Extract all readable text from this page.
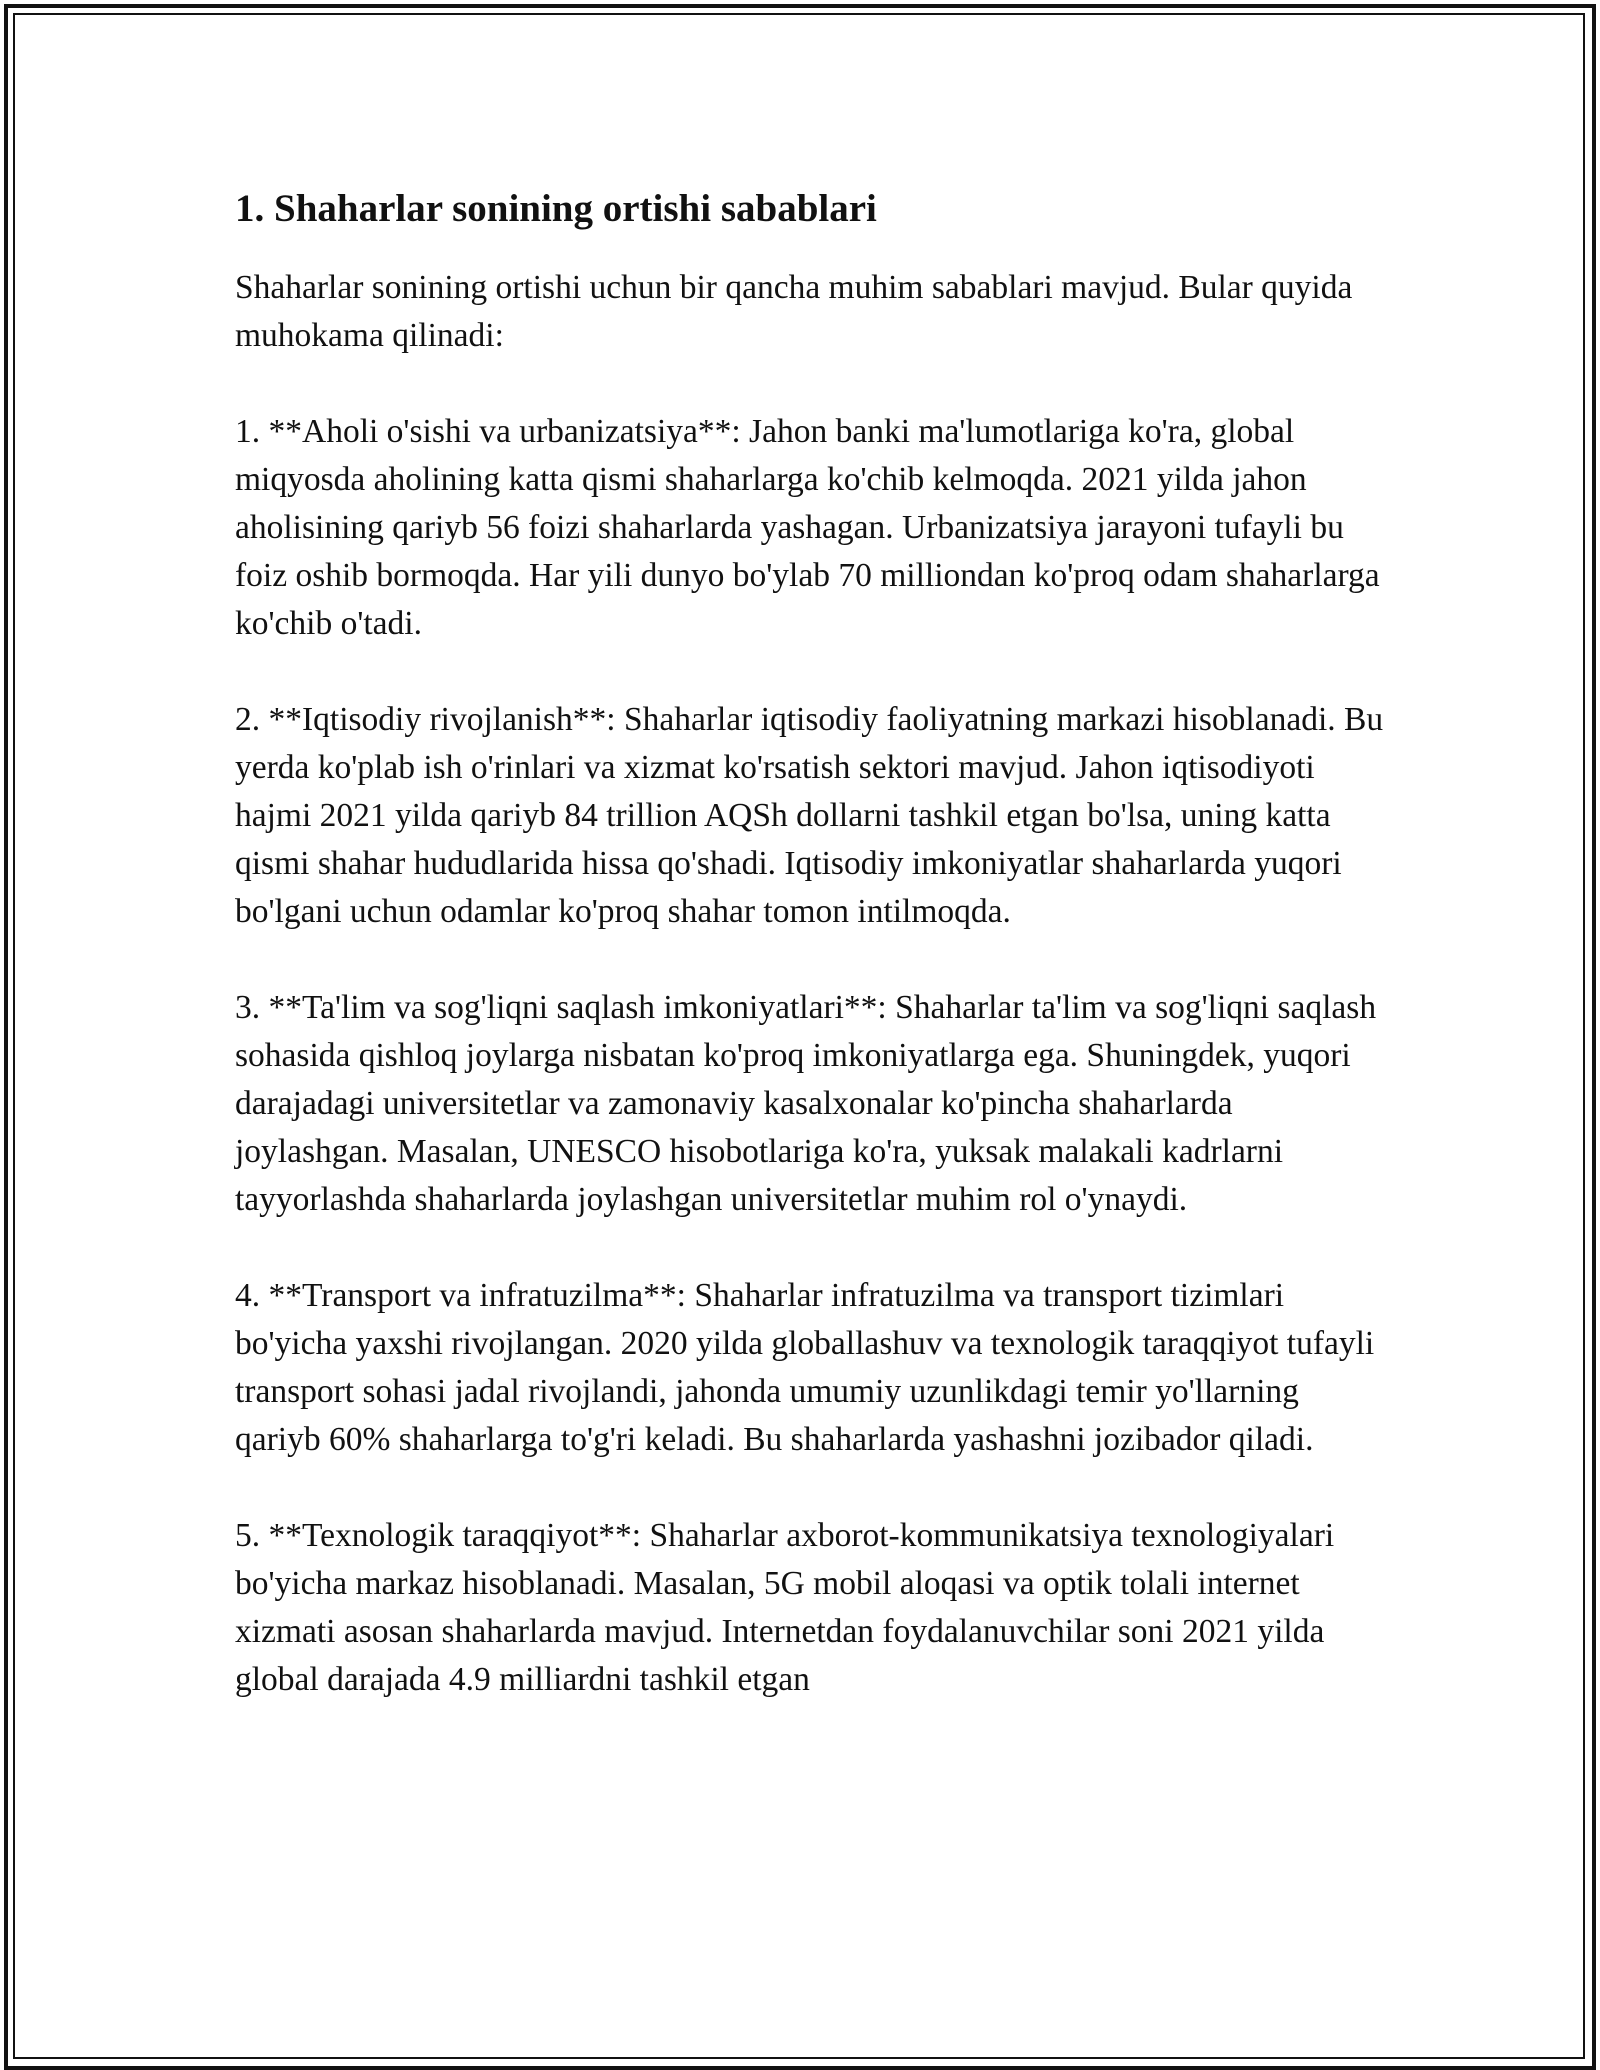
1. Shaharlar sonining ortishi sabablari

Shaharlar sonining ortishi uchun bir qancha muhim sabablari mavjud. Bular quyida muhokama qilinadi:

1. **Aholi o'sishi va urbanizatsiya**: Jahon banki ma'lumotlariga ko'ra, global miqyosda aholining katta qismi shaharlarga ko'chib kelmoqda. 2021 yilda jahon aholisining qariyb 56 foizi shaharlarda yashagan. Urbanizatsiya jarayoni tufayli bu foiz oshib bormoqda. Har yili dunyo bo'ylab 70 milliondan ko'proq odam shaharlarga ko'chib o'tadi.

2. **Iqtisodiy rivojlanish**: Shaharlar iqtisodiy faoliyatning markazi hisoblanadi. Bu yerda ko'plab ish o'rinlari va xizmat ko'rsatish sektori mavjud. Jahon iqtisodiyoti hajmi 2021 yilda qariyb 84 trillion AQSh dollarni tashkil etgan bo'lsa, uning katta qismi shahar hududlarida hissa qo'shadi. Iqtisodiy imkoniyatlar shaharlarda yuqori bo'lgani uchun odamlar ko'proq shahar tomon intilmoqda.

3. **Ta'lim va sog'liqni saqlash imkoniyatlari**: Shaharlar ta'lim va sog'liqni saqlash sohasida qishloq joylarga nisbatan ko'proq imkoniyatlarga ega. Shuningdek, yuqori darajadagi universitetlar va zamonaviy kasalxonalar ko'pincha shaharlarda joylashgan. Masalan, UNESCO hisobotlariga ko'ra, yuksak malakali kadrlarni tayyorlashda shaharlarda joylashgan universitetlar muhim rol o'ynaydi.

4. **Transport va infratuzilma**: Shaharlar infratuzilma va transport tizimlari bo'yicha yaxshi rivojlangan. 2020 yilda globallashuv va texnologik taraqqiyot tufayli transport sohasi jadal rivojlandi, jahonda umumiy uzunlikdagi temir yo'llarning qariyb 60% shaharlarga to'g'ri keladi. Bu shaharlarda yashashni jozibador qiladi.

5. **Texnologik taraqqiyot**: Shaharlar axborot-kommunikatsiya texnologiyalari bo'yicha markaz hisoblanadi. Masalan, 5G mobil aloqasi va optik tolali internet xizmati asosan shaharlarda mavjud. Internetdan foydalanuvchilar soni 2021 yilda global darajada 4.9 milliardni tashkil etgan
